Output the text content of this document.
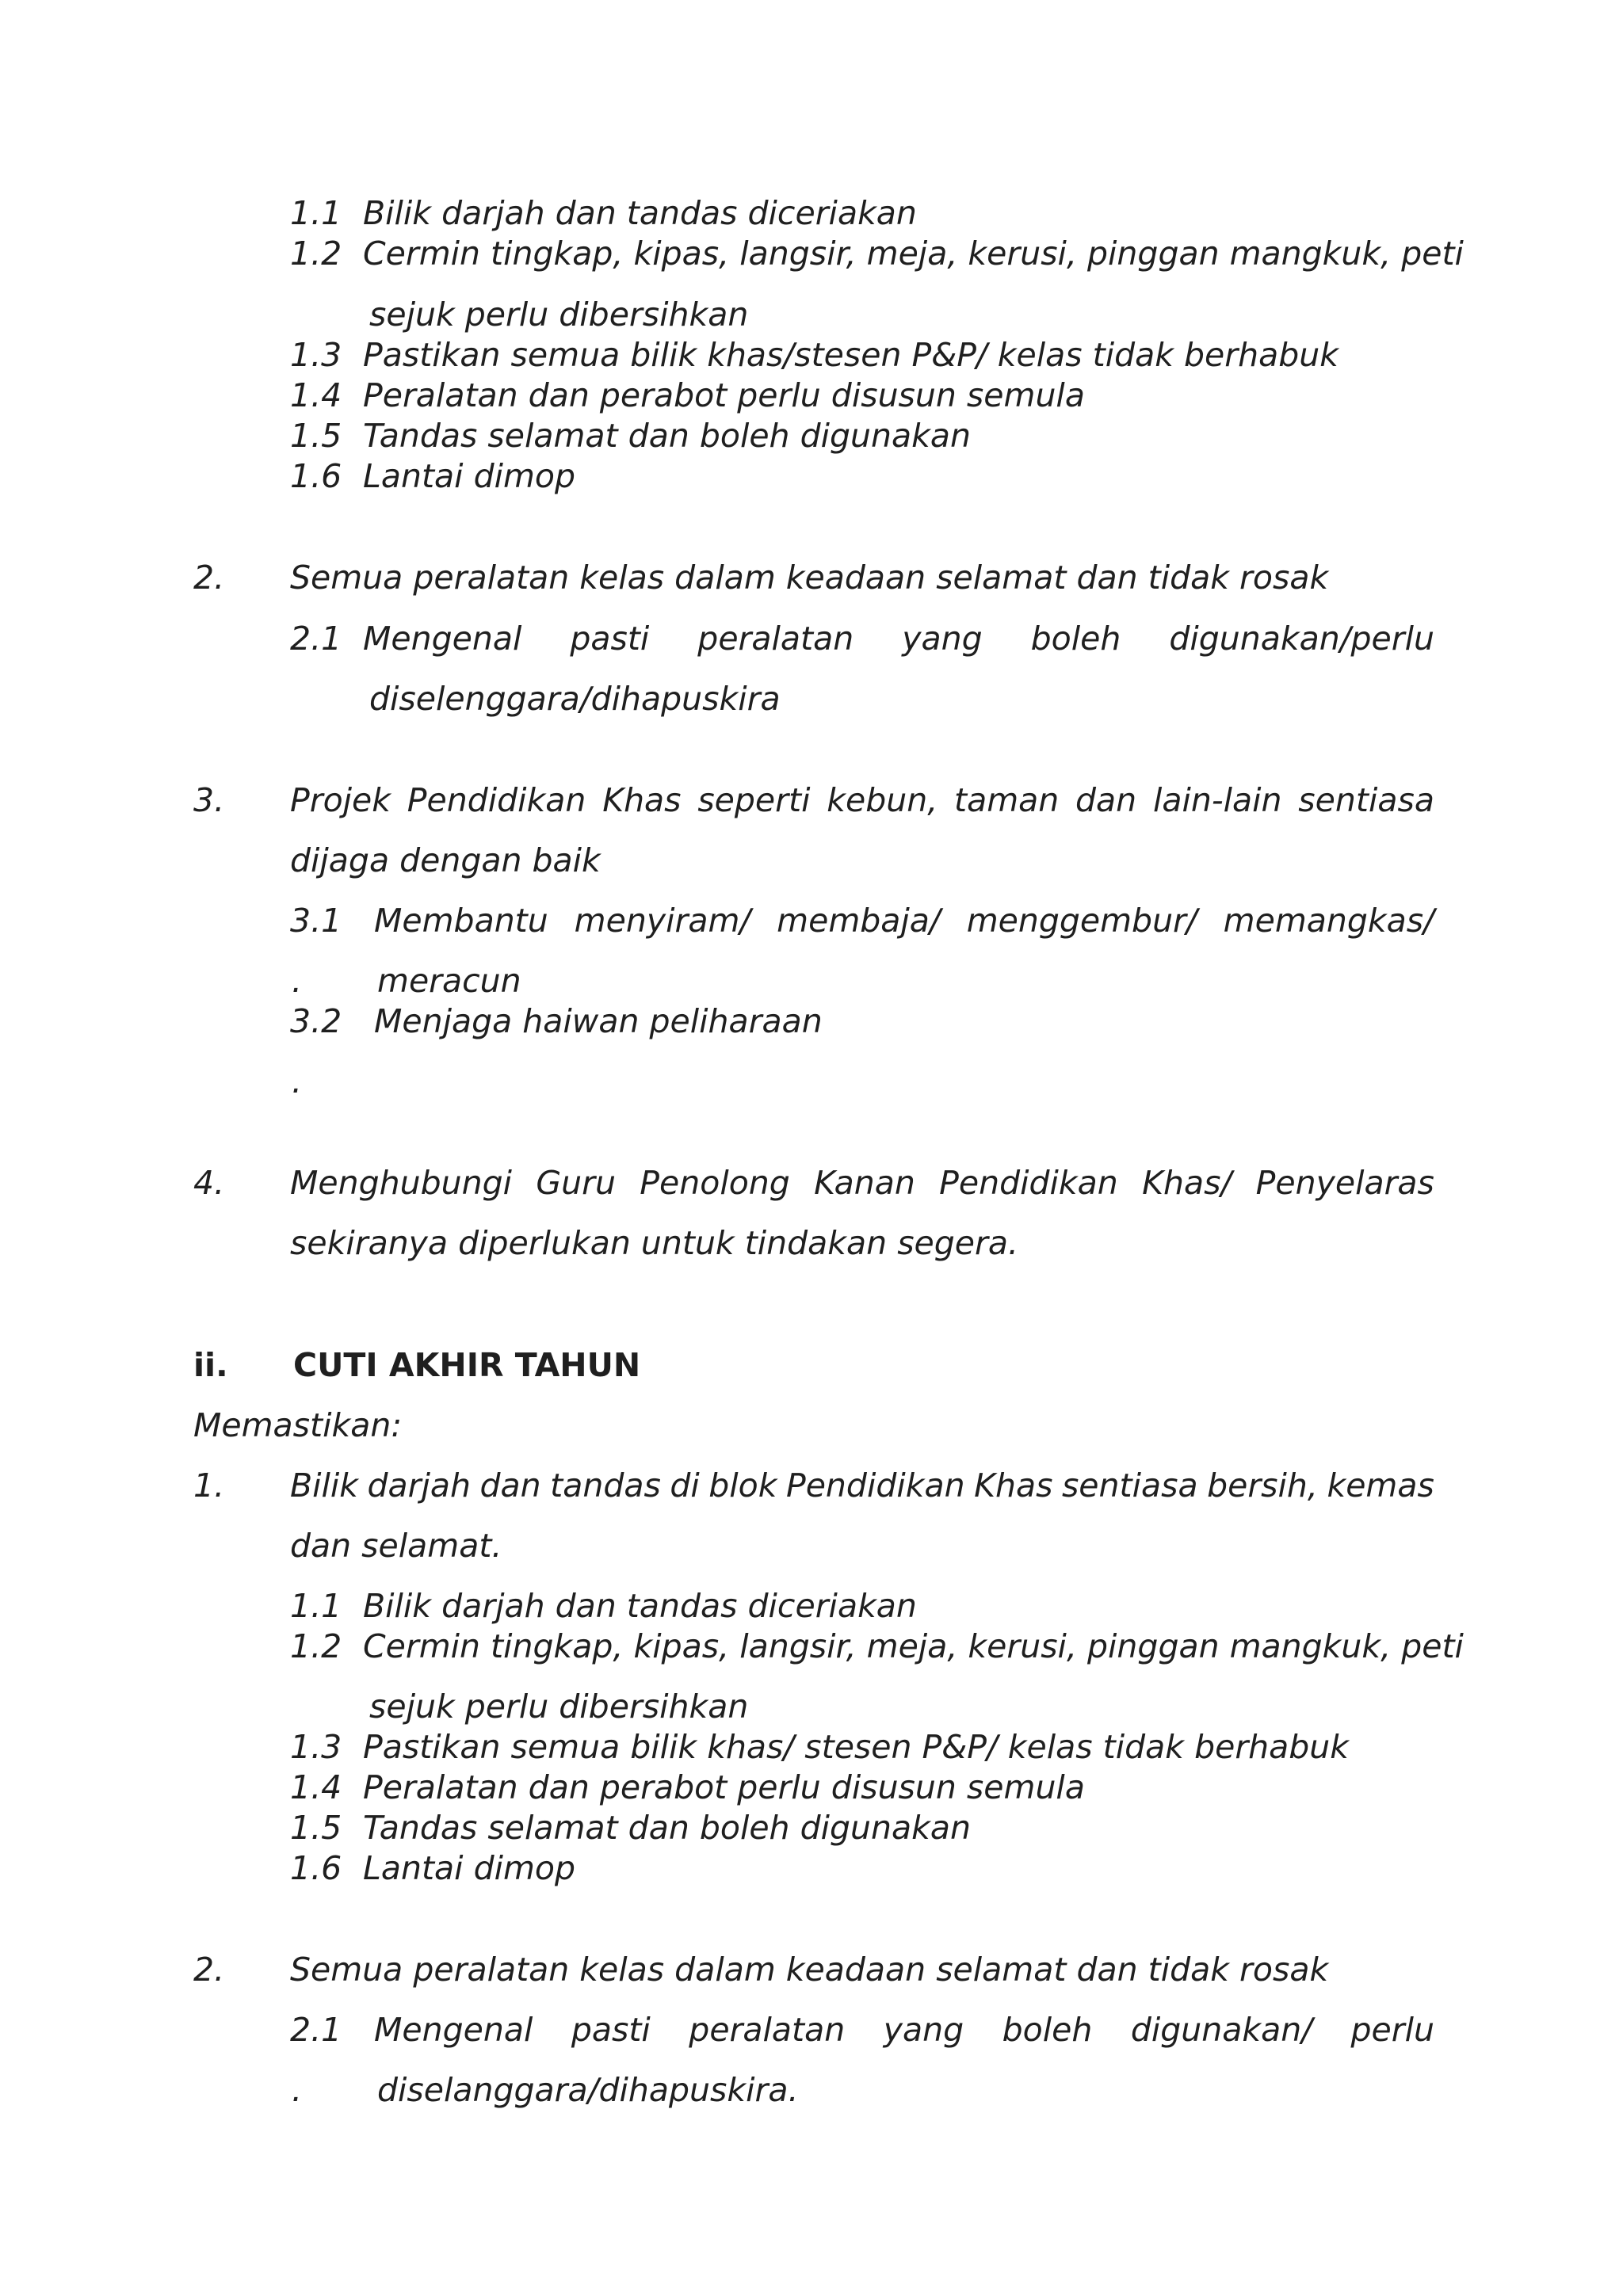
1.1 Bilik darjah dan tandas diceriakan
1.2 Cermin tingkap, kipas, langsir, meja, kerusi, pinggan mangkuk, peti
sejuk perlu dibersihkan
1.3 Pastikan semua bilik khas/stesen P&P/ kelas tidak berhabuk
1.4 Peralatan dan perabot perlu disusun semula
1.5 Tandas selamat dan boleh digunakan
1.6 Lantai dimop
2. Semua peralatan kelas dalam keadaan selamat dan tidak rosak
2.1 Mengenal pasti peralatan yang boleh digunakan/perlu
diselenggara/dihapuskira
3. Projek Pendidikan Khas seperti kebun, taman dan lain-lain sentiasa
dijaga dengan baik
3.1 Membantu menyiram/ membaja/ menggembur/ memangkas/
. meracun
3.2 Menjaga haiwan peliharaan
.
4. Menghubungi Guru Penolong Kanan Pendidikan Khas/ Penyelaras
sekiranya diperlukan untuk tindakan segera.
ii. CUTI AKHIR TAHUN
Memastikan:
1. Bilik darjah dan tandas di blok Pendidikan Khas sentiasa bersih, kemas
dan selamat.
1.1 Bilik darjah dan tandas diceriakan
1.2 Cermin tingkap, kipas, langsir, meja, kerusi, pinggan mangkuk, peti
sejuk perlu dibersihkan
1.3 Pastikan semua bilik khas/ stesen P&P/ kelas tidak berhabuk
1.4 Peralatan dan perabot perlu disusun semula
1.5 Tandas selamat dan boleh digunakan
1.6 Lantai dimop
2. Semua peralatan kelas dalam keadaan selamat dan tidak rosak
2.1 Mengenal pasti peralatan yang boleh digunakan/ perlu
. diselanggara/dihapuskira.
